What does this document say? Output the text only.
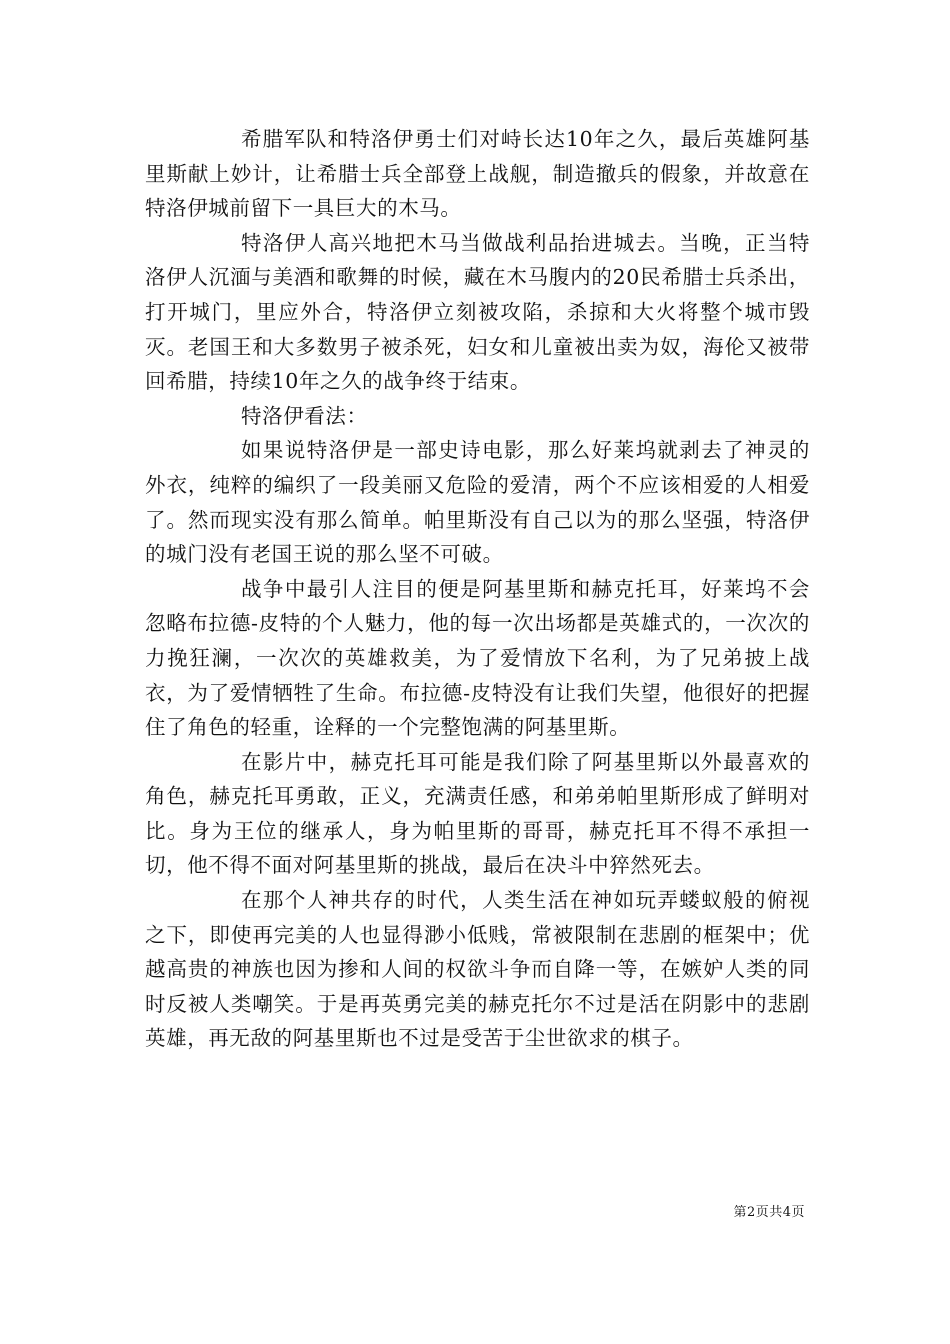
希腊军队和特洛伊勇士们对峙长达10年之久，最后英雄阿基里斯献上妙计，让希腊士兵全部登上战舰，制造撤兵的假象，并故意在特洛伊城前留下一具巨大的木马。

特洛伊人高兴地把木马当做战利品抬进城去。当晚，正当特洛伊人沉湎与美酒和歌舞的时候，藏在木马腹内的20民希腊士兵杀出，打开城门，里应外合，特洛伊立刻被攻陷，杀掠和大火将整个城市毁灭。老国王和大多数男子被杀死，妇女和儿童被出卖为奴，海伦又被带回希腊，持续10年之久的战争终于结束。

特洛伊看法：

如果说特洛伊是一部史诗电影，那么好莱坞就剥去了神灵的外衣，纯粹的编织了一段美丽又危险的爱清，两个不应该相爱的人相爱了。然而现实没有那么简单。帕里斯没有自己以为的那么坚强，特洛伊的城门没有老国王说的那么坚不可破。

战争中最引人注目的便是阿基里斯和赫克托耳，好莱坞不会忽略布拉德-皮特的个人魅力，他的每一次出场都是英雄式的，一次次的力挽狂澜，一次次的英雄救美，为了爱情放下名利，为了兄弟披上战衣，为了爱情牺牲了生命。布拉德-皮特没有让我们失望，他很好的把握住了角色的轻重，诠释的一个完整饱满的阿基里斯。

在影片中，赫克托耳可能是我们除了阿基里斯以外最喜欢的角色，赫克托耳勇敢，正义，充满责任感，和弟弟帕里斯形成了鲜明对比。身为王位的继承人，身为帕里斯的哥哥，赫克托耳不得不承担一切，他不得不面对阿基里斯的挑战，最后在决斗中猝然死去。

在那个人神共存的时代，人类生活在神如玩弄蝼蚁般的俯视之下，即使再完美的人也显得渺小低贱，常被限制在悲剧的框架中；优越高贵的神族也因为掺和人间的权欲斗争而自降一等，在嫉妒人类的同时反被人类嘲笑。于是再英勇完美的赫克托尔不过是活在阴影中的悲剧英雄，再无敌的阿基里斯也不过是受苦于尘世欲求的棋子。

第2页共4页
